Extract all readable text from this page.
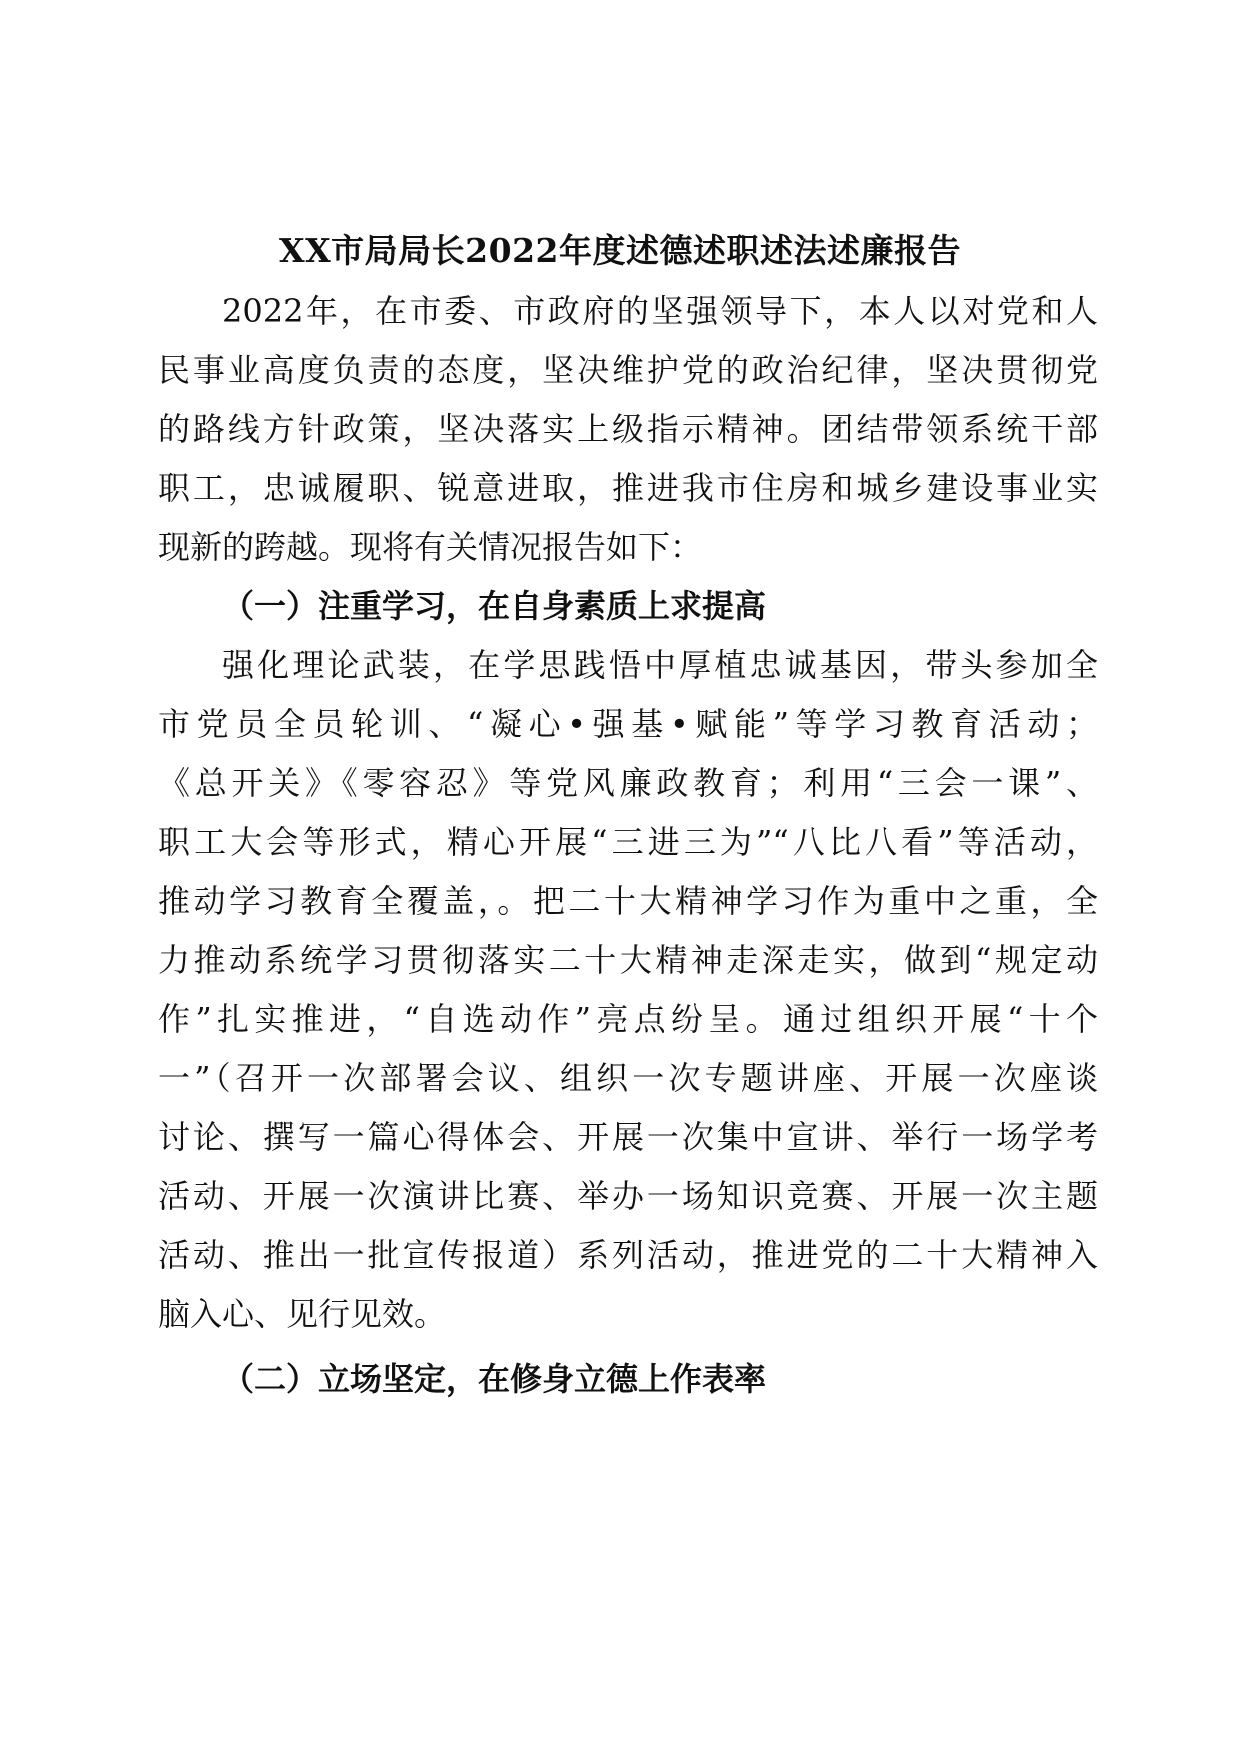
XX市局局长2022年度述德述职述法述廉报告

2022年，在市委、市政府的坚强领导下，本人以对党和人

民事业高度负责的态度，坚决维护党的政治纪律，坚决贯彻党

的路线方针政策，坚决落实上级指示精神。团结带领系统干部

职工，忠诚履职、锐意进取，推进我市住房和城乡建设事业实

现新的跨越。现将有关情况报告如下：

（一）注重学习，在自身素质上求提高

强化理论武装，在学思践悟中厚植忠诚基因，带头参加全

市党员全员轮训、“凝心•强基•赋能”等学习教育活动；

《总开关》《零容忍》等党风廉政教育；利用“三会一课”、

职工大会等形式，精心开展“三进三为”“八比八看”等活动，

推动学习教育全覆盖，。把二十大精神学习作为重中之重，全

力推动系统学习贯彻落实二十大精神走深走实，做到“规定动

作”扎实推进，“自选动作”亮点纷呈。通过组织开展“十个

一”（召开一次部署会议、组织一次专题讲座、开展一次座谈

讨论、撰写一篇心得体会、开展一次集中宣讲、举行一场学考

活动、开展一次演讲比赛、举办一场知识竞赛、开展一次主题

活动、推出一批宣传报道）系列活动，推进党的二十大精神入

脑入心、见行见效。

（二）立场坚定，在修身立德上作表率
